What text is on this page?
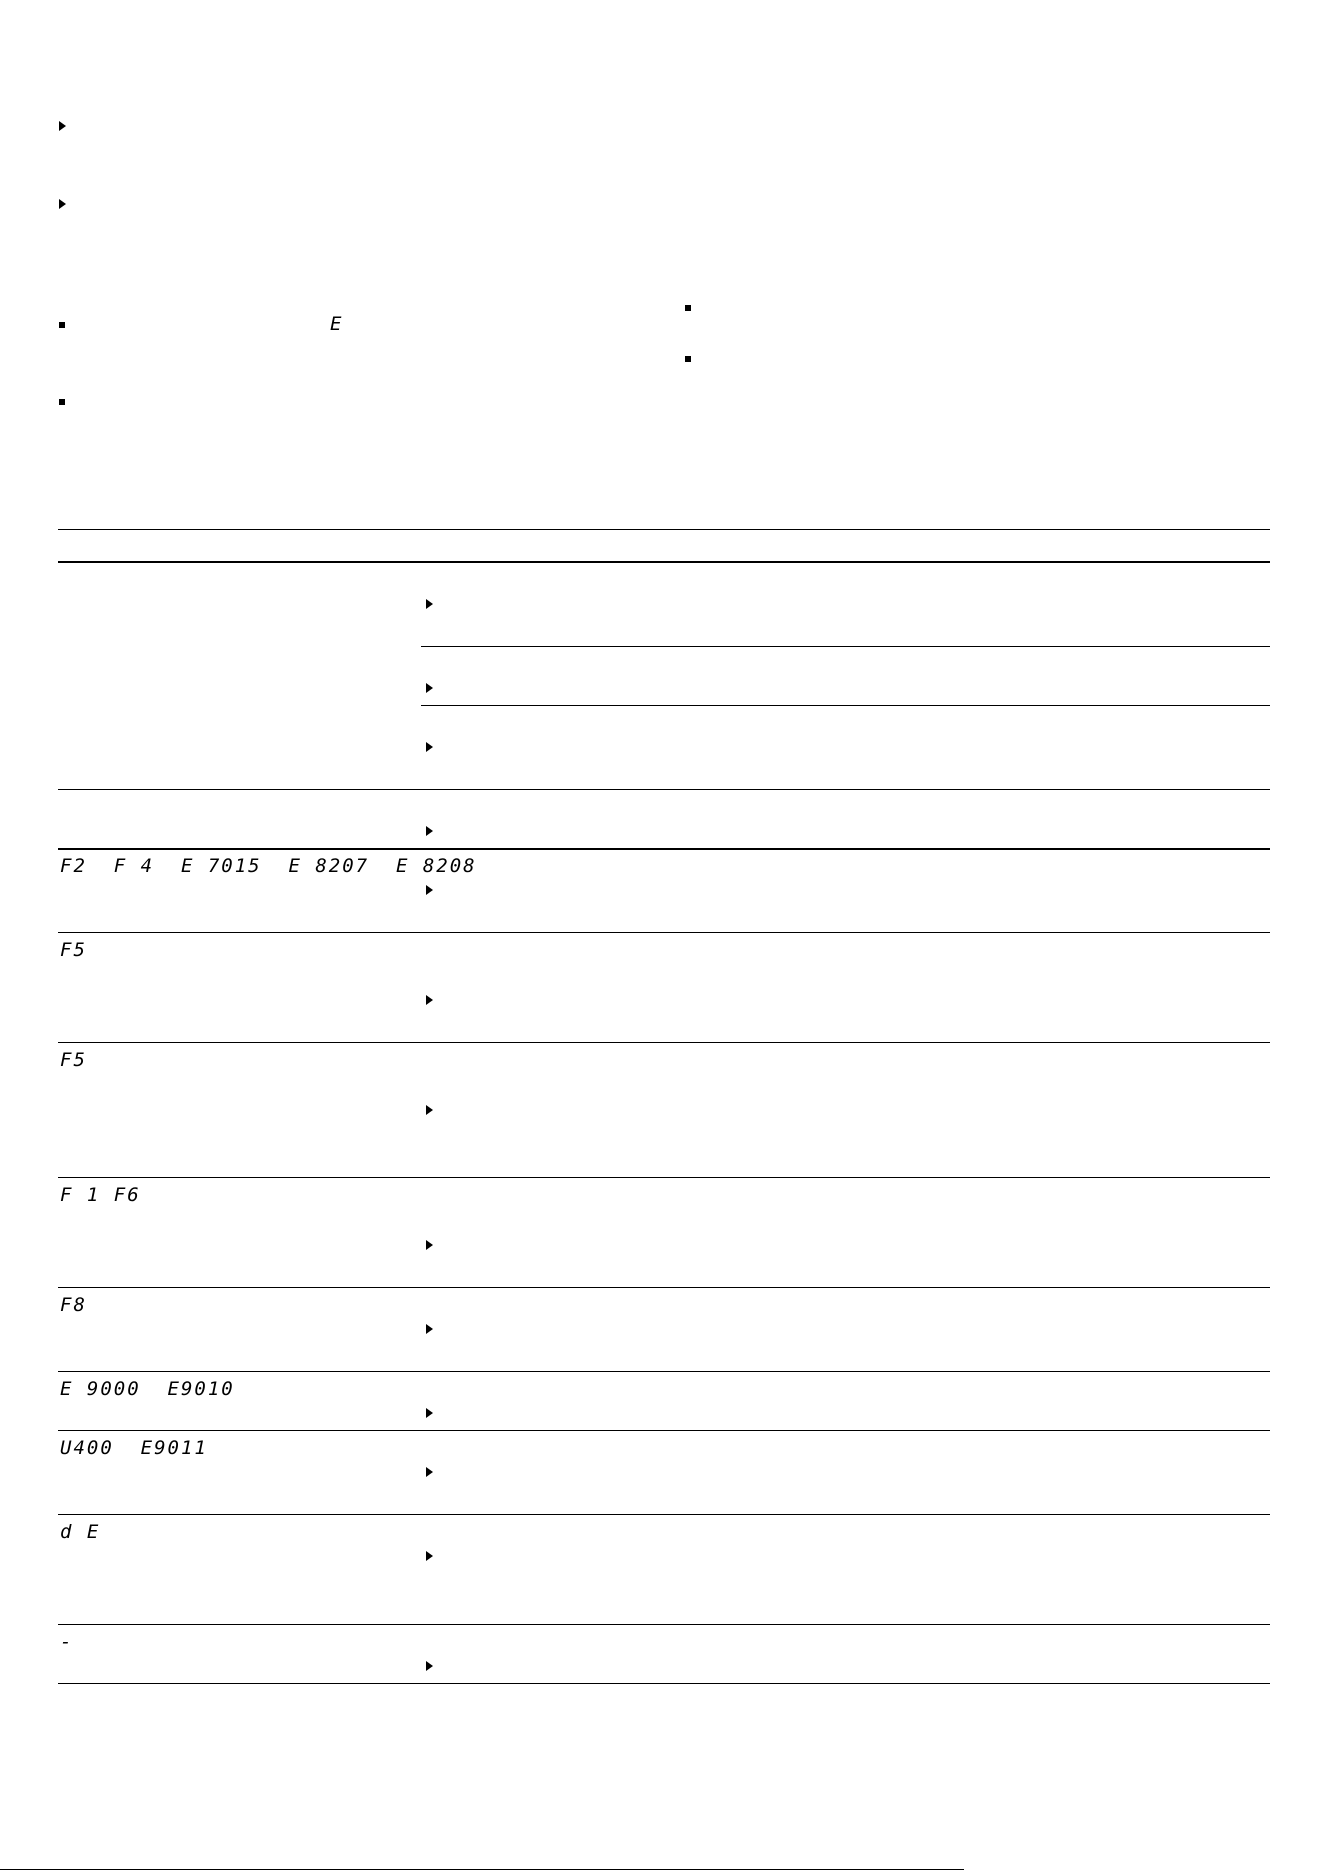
E
F2  F 4  E 7015  E 8207  E 8208
F5
F5
F 1 F6
F8
E 9000  E9010
U400  E9011
d E
-
